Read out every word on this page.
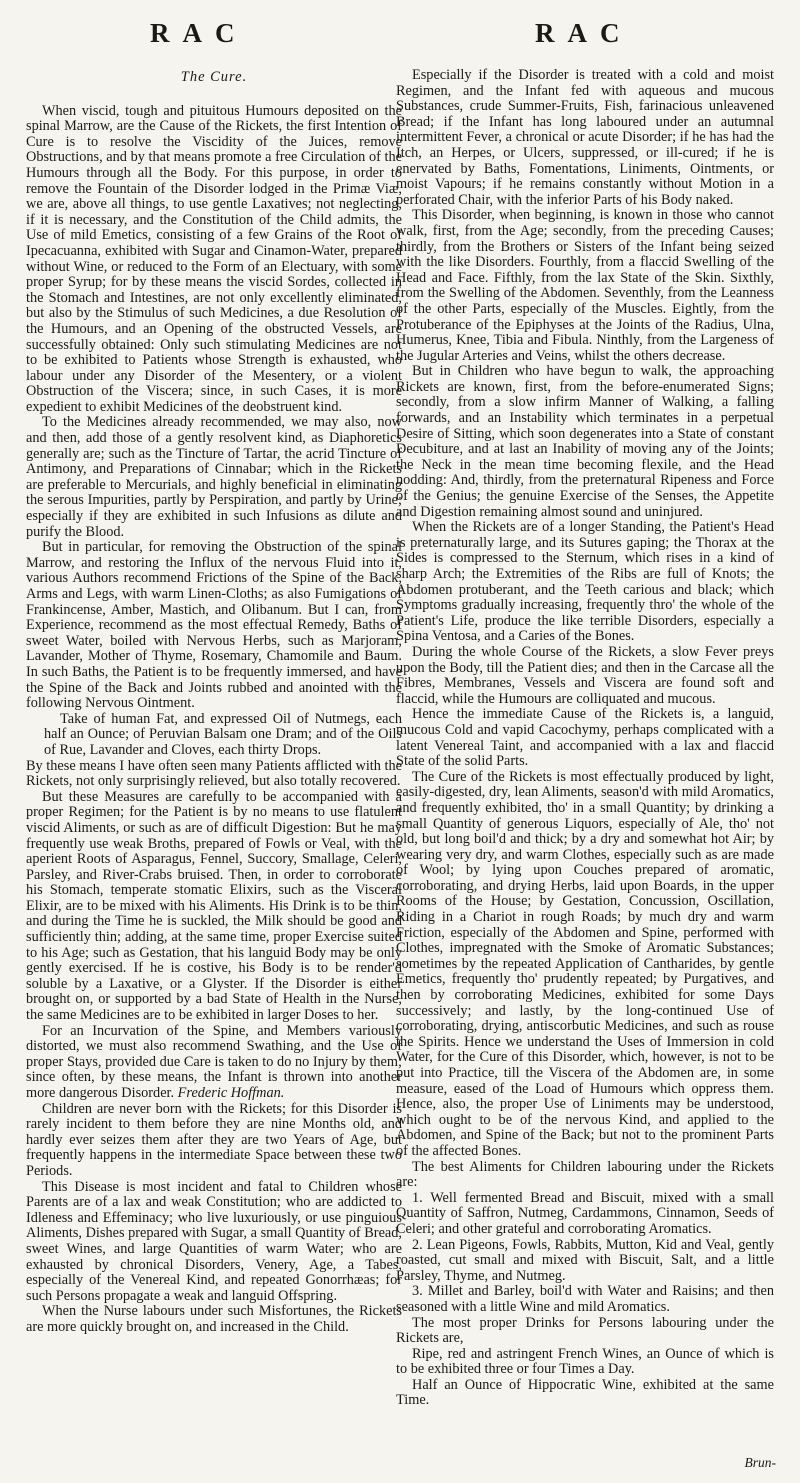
RAC	RAC
The Cure.

When viscid, tough and pituitous Humours deposited on the spinal Marrow, are the Cause of the Rickets, the first Intention of Cure is to resolve the Viscidity of the Juices, remove Obstructions, and by that means promote a free Circulation of the Humours through all the Body. For this purpose, in order to remove the Fountain of the Disorder lodged in the Primæ Viæ, we are, above all things, to use gentle Laxatives; not neglecting, if it is necessary, and the Constitution of the Child admits, the Use of mild Emetics, consisting of a few Grains of the Root of Ipecacuanna, exhibited with Sugar and Cinamon-Water, prepared without Wine, or reduced to the Form of an Electuary, with some proper Syrup; for by these means the viscid Sordes, collected in the Stomach and Intestines, are not only excellently eliminated, but also by the Stimulus of such Medicines, a due Resolution of the Humours, and an Opening of the obstructed Vessels, are successfully obtained: Only such stimulating Medicines are not to be exhibited to Patients whose Strength is exhausted, who labour under any Disorder of the Mesentery, or a violent Obstruction of the Viscera; since, in such Cases, it is more expedient to exhibit Medicines of the deobstruent kind.

To the Medicines already recommended, we may also, now and then, add those of a gently resolvent kind, as Diaphoretics generally are; such as the Tincture of Tartar, the acrid Tincture of Antimony, and Preparations of Cinnabar; which in the Rickets are preferable to Mercurials, and highly beneficial in eliminating the serous Impurities, partly by Perspiration, and partly by Urine; especially if they are exhibited in such Infusions as dilute and purify the Blood.

But in particular, for removing the Obstruction of the spinal Marrow, and restoring the Influx of the nervous Fluid into it, various Authors recommend Frictions of the Spine of the Back, Arms and Legs, with warm Linen-Cloths; as also Fumigations of Frankincense, Amber, Mastich, and Olibanum. But I can, from Experience, recommend as the most effectual Remedy, Baths of sweet Water, boiled with Nervous Herbs, such as Marjoram, Lavander, Mother of Thyme, Rosemary, Chamomile and Baum. In such Baths, the Patient is to be frequently immersed, and have the Spine of the Back and Joints rubbed and anointed with the following Nervous Ointment.

Take of human Fat, and expressed Oil of Nutmegs, each half an Ounce; of Peruvian Balsam one Dram; and of the Oils of Rue, Lavander and Cloves, each thirty Drops.

By these means I have often seen many Patients afflicted with the Rickets, not only surprisingly relieved, but also totally recovered.

But these Measures are carefully to be accompanied with a proper Regimen; for the Patient is by no means to use flatulent viscid Aliments, or such as are of difficult Digestion: But he may frequently use weak Broths, prepared of Fowls or Veal, with the aperient Roots of Asparagus, Fennel, Succory, Smallage, Celeri, Parsley, and River-Crabs bruised. Then, in order to corroborate his Stomach, temperate stomatic Elixirs, such as the Visceral Elixir, are to be mixed with his Aliments. His Drink is to be thin, and during the Time he is suckled, the Milk should be good and sufficiently thin; adding, at the same time, proper Exercise suited to his Age; such as Gestation, that his languid Body may be only gently exercised. If he is costive, his Body is to be render'd soluble by a Laxative, or a Glyster. If the Disorder is either brought on, or supported by a bad State of Health in the Nurse, the same Medicines are to be exhibited in larger Doses to her.

For an Incurvation of the Spine, and Members variously distorted, we must also recommend Swathing, and the Use of proper Stays, provided due Care is taken to do no Injury by them; since often, by these means, the Infant is thrown into another more dangerous Disorder. Frederic Hoffman.

Children are never born with the Rickets; for this Disorder is rarely incident to them before they are nine Months old, and hardly ever seizes them after they are two Years of Age, but frequently happens in the intermediate Space between these two Periods.

This Disease is most incident and fatal to Children whose Parents are of a lax and weak Constitution; who are addicted to Idleness and Effeminacy; who live luxuriously, or use pinguious Aliments, Dishes prepared with Sugar, a small Quantity of Bread, sweet Wines, and large Quantities of warm Water; who are exhausted by chronical Disorders, Venery, Age, a Tabes, especially of the Venereal Kind, and repeated Gonorrhæas; for such Persons propagate a weak and languid Offspring.

When the Nurse labours under such Misfortunes, the Rickets are more quickly brought on, and increased in the Child.

Especially if the Disorder is treated with a cold and moist Regimen, and the Infant fed with aqueous and mucous Substances, crude Summer-Fruits, Fish, farinacious unleavened Bread; if the Infant has long laboured under an autumnal intermittent Fever, a chronical or acute Disorder; if he has had the Itch, an Herpes, or Ulcers, suppressed, or ill-cured; if he is enervated by Baths, Fomentations, Liniments, Ointments, or moist Vapours; if he remains constantly without Motion in a perforated Chair, with the inferior Parts of his Body naked.

This Disorder, when beginning, is known in those who cannot walk, first, from the Age; secondly, from the preceding Causes; thirdly, from the Brothers or Sisters of the Infant being seized with the like Disorders. Fourthly, from a flaccid Swelling of the Head and Face. Fifthly, from the lax State of the Skin. Sixthly, from the Swelling of the Abdomen. Seventhly, from the Leanness of the other Parts, especially of the Muscles. Eightly, from the Protuberance of the Epiphyses at the Joints of the Radius, Ulna, Humerus, Knee, Tibia and Fibula. Ninthly, from the Largeness of the Jugular Arteries and Veins, whilst the others decrease.

But in Children who have begun to walk, the approaching Rickets are known, first, from the before-enumerated Signs; secondly, from a slow infirm Manner of Walking, a falling forwards, and an Instability which terminates in a perpetual Desire of Sitting, which soon degenerates into a State of constant Decubiture, and at last an Inability of moving any of the Joints; the Neck in the mean time becoming flexile, and the Head nodding: And, thirdly, from the preternatural Ripeness and Force of the Genius; the genuine Exercise of the Senses, the Appetite and Digestion remaining almost sound and uninjured.

When the Rickets are of a longer Standing, the Patient's Head is preternaturally large, and its Sutures gaping; the Thorax at the Sides is compressed to the Sternum, which rises in a kind of sharp Arch; the Extremities of the Ribs are full of Knots; the Abdomen protuberant, and the Teeth carious and black; which Symptoms gradually increasing, frequently thro' the whole of the Patient's Life, produce the like terrible Disorders, especially a Spina Ventosa, and a Caries of the Bones.

During the whole Course of the Rickets, a slow Fever preys upon the Body, till the Patient dies; and then in the Carcase all the Fibres, Membranes, Vessels and Viscera are found soft and flaccid, while the Humours are colliquated and mucous.

Hence the immediate Cause of the Rickets is, a languid, mucous Cold and vapid Cacochymy, perhaps complicated with a latent Venereal Taint, and accompanied with a lax and flaccid State of the solid Parts.

The Cure of the Rickets is most effectually produced by light, easily-digested, dry, lean Aliments, season'd with mild Aromatics, and frequently exhibited, tho' in a small Quantity; by drinking a small Quantity of generous Liquors, especially of Ale, tho' not old, but long boil'd and thick; by a dry and somewhat hot Air; by wearing very dry, and warm Clothes, especially such as are made of Wool; by lying upon Couches prepared of aromatic, corroborating, and drying Herbs, laid upon Boards, in the upper Rooms of the House; by Gestation, Concussion, Oscillation, Riding in a Chariot in rough Roads; by much dry and warm Friction, especially of the Abdomen and Spine, performed with Clothes, impregnated with the Smoke of Aromatic Substances; sometimes by the repeated Application of Cantharides, by gentle Emetics, frequently tho' prudently repeated; by Purgatives, and then by corroborating Medicines, exhibited for some Days successively; and lastly, by the long-continued Use of corroborating, drying, antiscorbutic Medicines, and such as rouse the Spirits. Hence we understand the Uses of Immersion in cold Water, for the Cure of this Disorder, which, however, is not to be put into Practice, till the Viscera of the Abdomen are, in some measure, eased of the Load of Humours which oppress them. Hence, also, the proper Use of Liniments may be understood, which ought to be of the nervous Kind, and applied to the Abdomen, and Spine of the Back; but not to the prominent Parts of the affected Bones.

The best Aliments for Children labouring under the Rickets are:

1. Well fermented Bread and Biscuit, mixed with a small Quantity of Saffron, Nutmeg, Cardammons, Cinnamon, Seeds of Celeri; and other grateful and corroborating Aromatics.

2. Lean Pigeons, Fowls, Rabbits, Mutton, Kid and Veal, gently roasted, cut small and mixed with Biscuit, Salt, and a little Parsley, Thyme, and Nutmeg.

3. Millet and Barley, boil'd with Water and Raisins; and then seasoned with a little Wine and mild Aromatics.

The most proper Drinks for Persons labouring under the Rickets are,

Ripe, red and astringent French Wines, an Ounce of which is to be exhibited three or four Times a Day.

Half an Ounce of Hippocratic Wine, exhibited at the same Time.

Brun-
